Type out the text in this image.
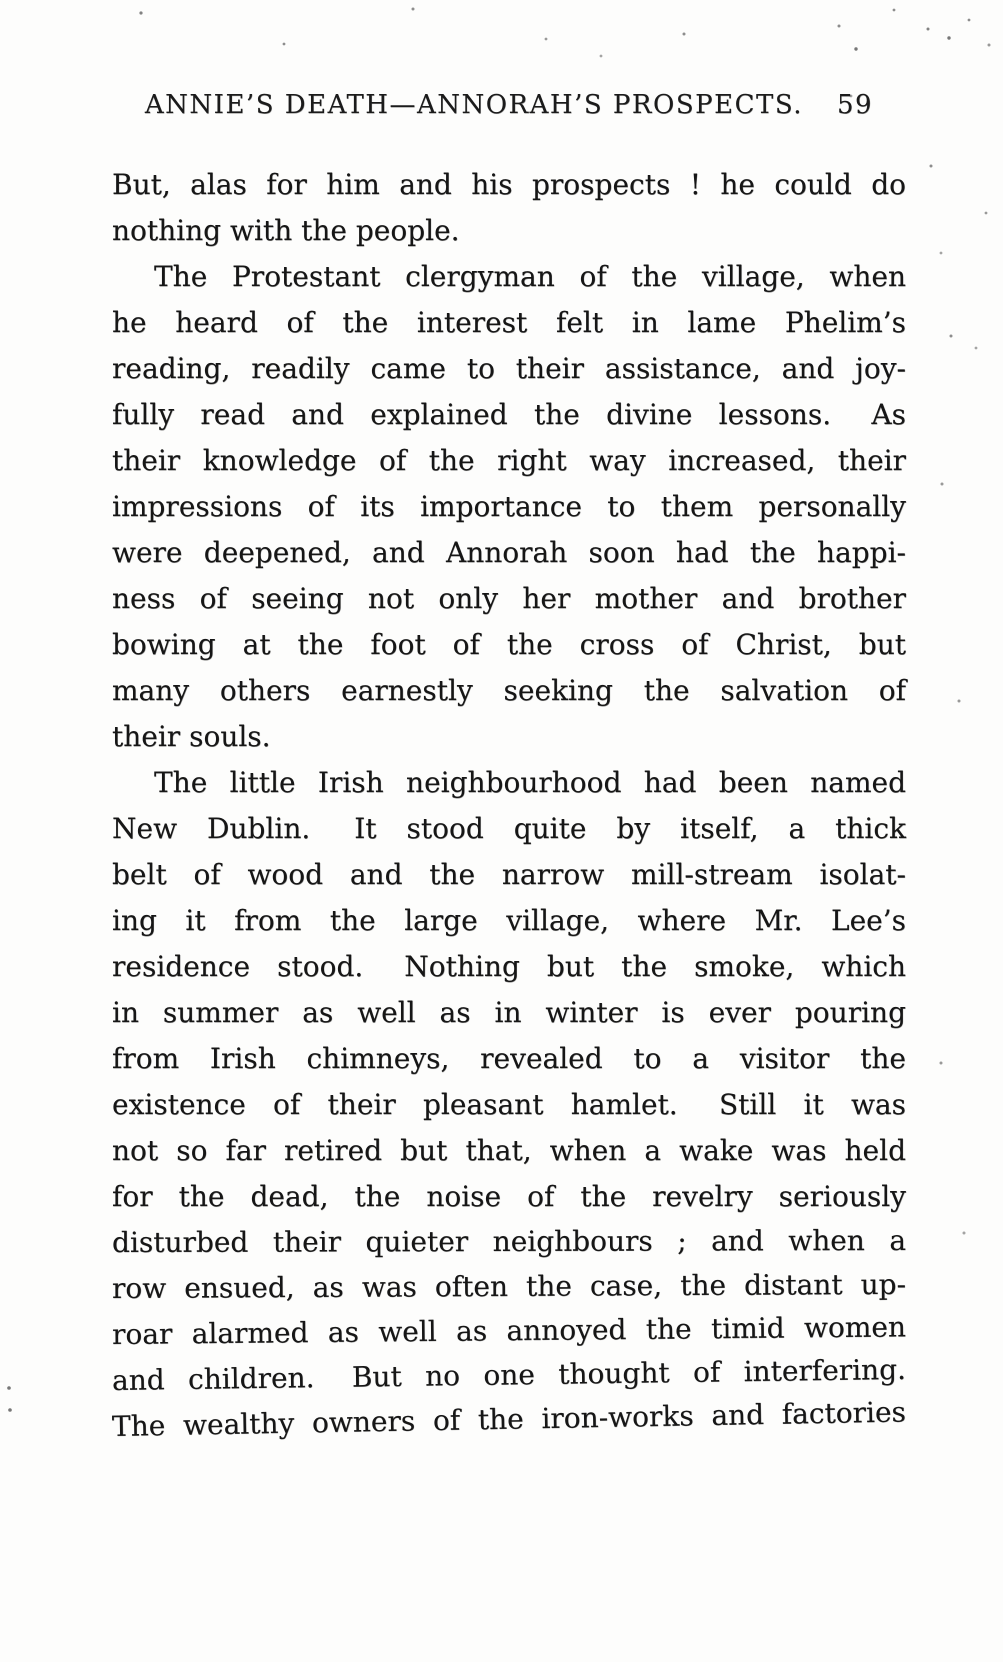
ANNIE’S DEATH—ANNORAH’S PROSPECTS. 59
But, alas for him and his prospects ! he could do
nothing with the people.
The Protestant clergyman of the village, when
he heard of the interest felt in lame Phelim’s
reading, readily came to their assistance, and joy-
fully read and explained the divine lessons.  As
their knowledge of the right way increased, their
impressions of its importance to them personally
were deepened, and Annorah soon had the happi-
ness of seeing not only her mother and brother
bowing at the foot of the cross of Christ, but
many others earnestly seeking the salvation of
their souls.
The little Irish neighbourhood had been named
New Dublin.  It stood quite by itself, a thick
belt of wood and the narrow mill-stream isolat-
ing it from the large village, where Mr. Lee’s
residence stood.  Nothing but the smoke, which
in summer as well as in winter is ever pouring
from Irish chimneys, revealed to a visitor the
existence of their pleasant hamlet.  Still it was
not so far retired but that, when a wake was held
for the dead, the noise of the revelry seriously
disturbed their quieter neighbours ; and when a
row ensued, as was often the case, the distant up-
roar alarmed as well as annoyed the timid women
and children.  But no one thought of interfering.
The wealthy owners of the iron-works and factories
